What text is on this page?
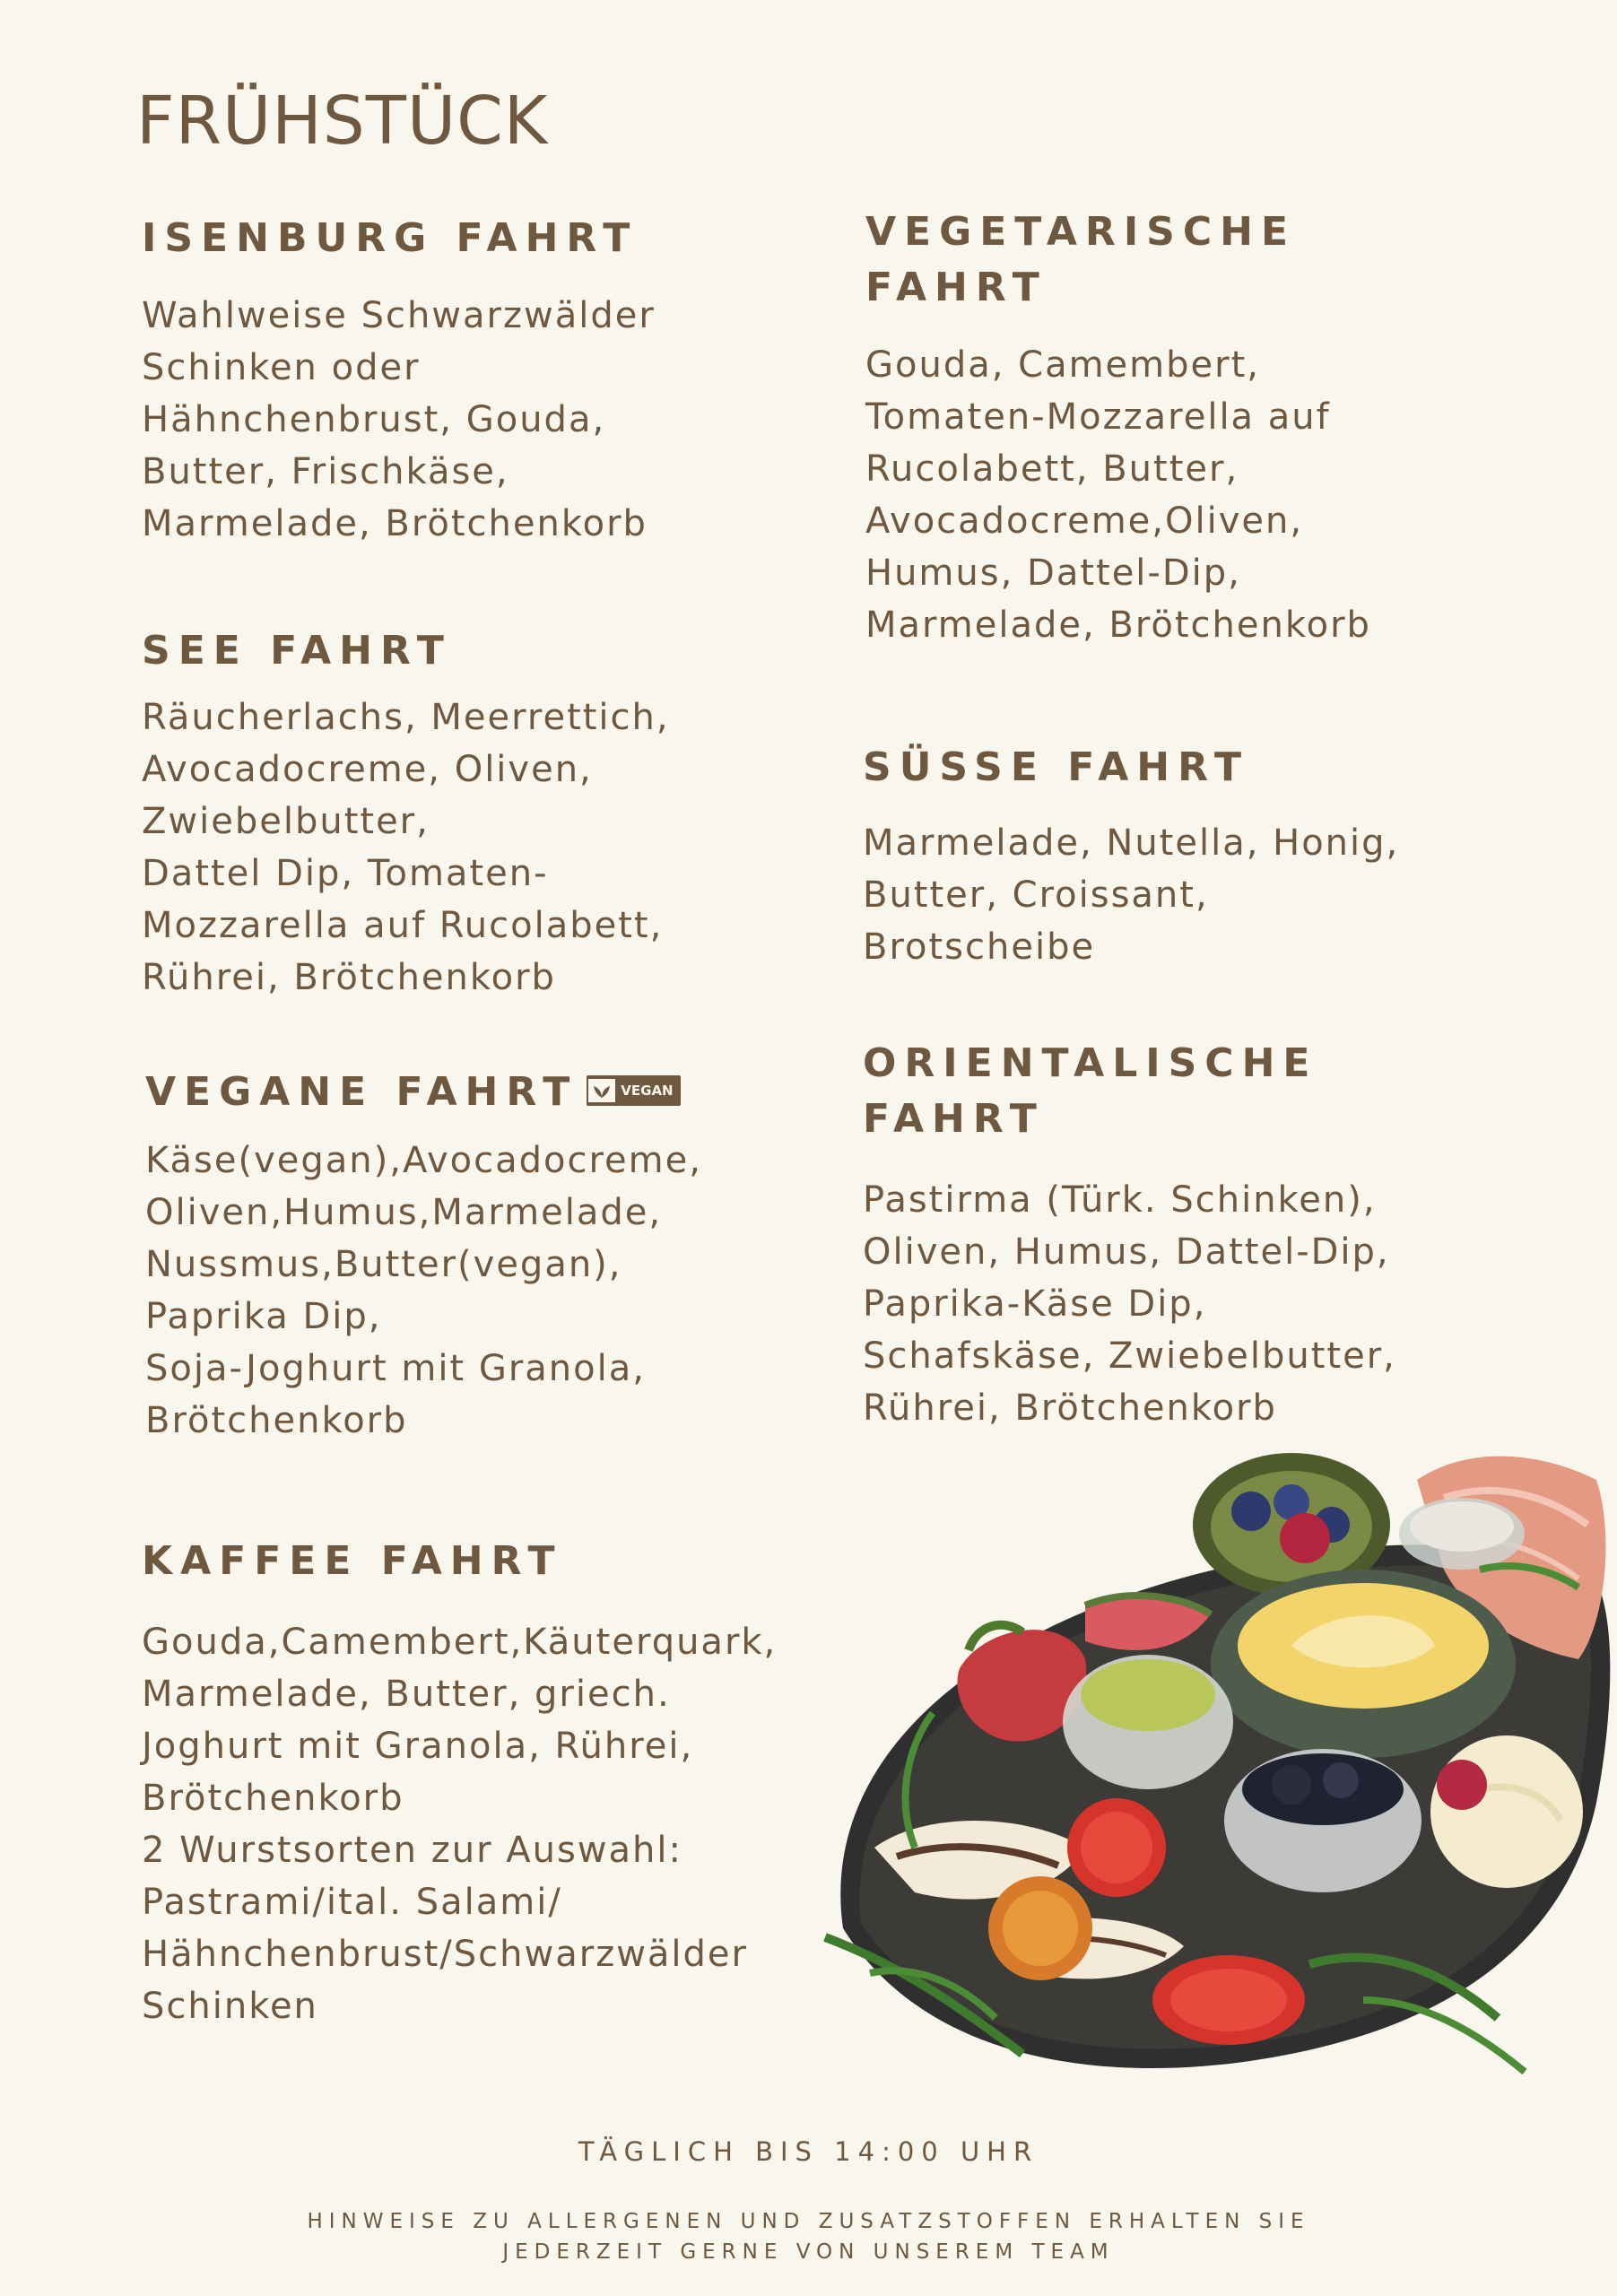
FRÜHSTÜCK
ISENBURG FAHRT

Wahlweise Schwarzwälder
Schinken oder
Hähnchenbrust, Gouda,
Butter, Frischkäse,
Marmelade, Brötchenkorb

SEE FAHRT

Räucherlachs, Meerrettich,
Avocadocreme, Oliven,
Zwiebelbutter,
Dattel Dip, Tomaten-
Mozzarella auf Rucolabett,
Rührei, Brötchenkorb

VEGANE FAHRT	VEGAN

Käse(vegan),Avocadocreme,
Oliven,Humus,Marmelade,
Nussmus,Butter(vegan),
Paprika Dip,
Soja-Joghurt mit Granola,
Brötchenkorb

KAFFEE FAHRT

Gouda,Camembert,Käuterquark,
Marmelade, Butter, griech.
Joghurt mit Granola, Rührei,
Brötchenkorb
2 Wurstsorten zur Auswahl:
Pastrami/ital. Salami/
Hähnchenbrust/Schwarzwälder
Schinken

VEGETARISCHE
FAHRT

Gouda, Camembert,
Tomaten-Mozzarella auf
Rucolabett, Butter,
Avocadocreme,Oliven,
Humus, Dattel-Dip,
Marmelade, Brötchenkorb

SÜSSE FAHRT

Marmelade, Nutella, Honig,
Butter, Croissant,
Brotscheibe

ORIENTALISCHE
FAHRT

Pastirma (Türk. Schinken),
Oliven, Humus, Dattel-Dip,
Paprika-Käse Dip,
Schafskäse, Zwiebelbutter,
Rührei, Brötchenkorb

TÄGLICH BIS 14:00 UHR
HINWEISE ZU ALLERGENEN UND ZUSATZSTOFFEN ERHALTEN SIE
JEDERZEIT GERNE VON UNSEREM TEAM
